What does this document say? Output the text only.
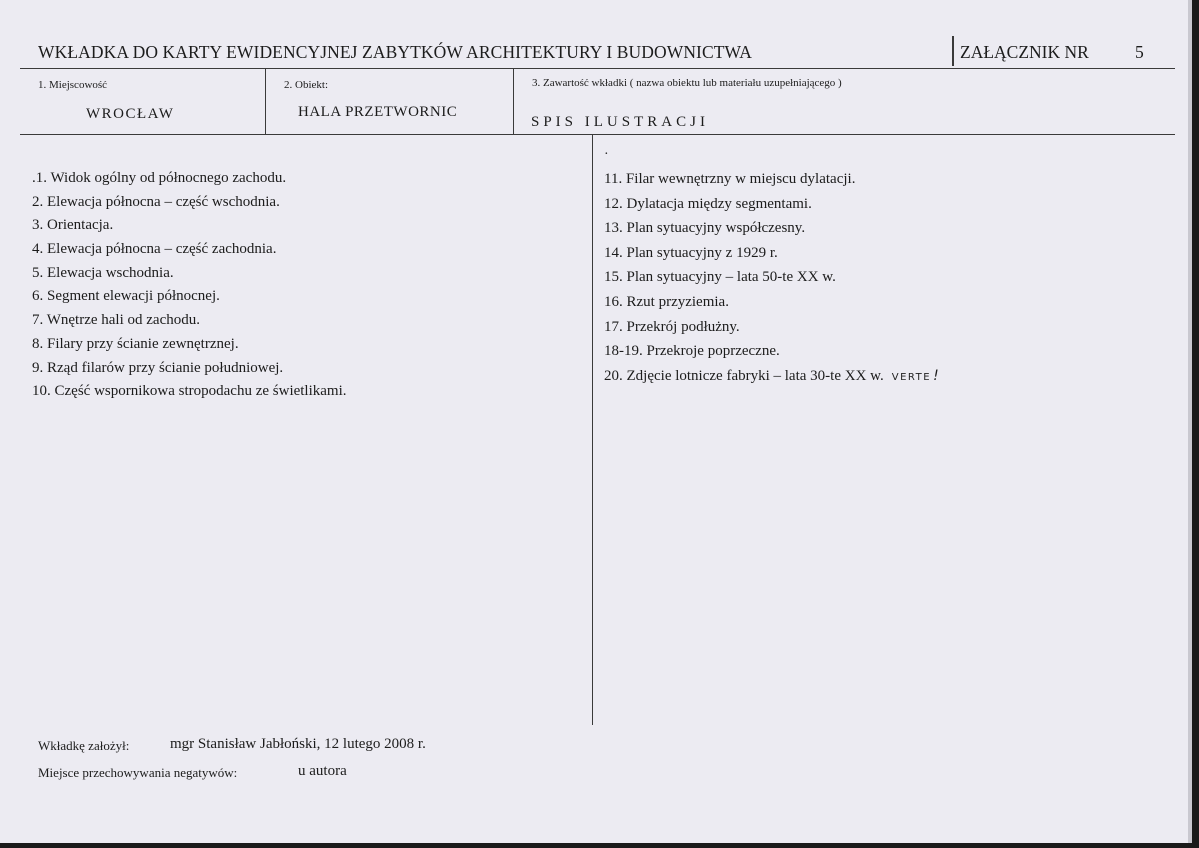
WKŁADKA DO KARTY EWIDENCYJNEJ ZABYTKÓW ARCHITEKTURY I BUDOWNICTWA	ZAŁĄCZNIK NR	5
1. Miejscowość
WROCŁAW
2. Obiekt:
HALA PRZETWORNIC
3. Zawartość wkładki ( nazwa obiektu lub materiału uzupełniającego )
SPIS ILUSTRACJI
·
.1. Widok ogólny od północnego zachodu.
2. Elewacja północna – część wschodnia.
3. Orientacja.
4. Elewacja północna – część zachodnia.
5. Elewacja wschodnia.
6. Segment elewacji północnej.
7. Wnętrze hali od zachodu.
8. Filary przy ścianie zewnętrznej.
9. Rząd filarów przy ścianie południowej.
10. Część wspornikowa stropodachu ze świetlikami.
11. Filar wewnętrzny w miejscu dylatacji.
12. Dylatacja między segmentami.
13. Plan sytuacyjny współczesny.
14. Plan sytuacyjny z 1929 r.
15. Plan sytuacyjny – lata 50-te XX w.
16. Rzut przyziemia.
17. Przekrój podłużny.
18-19. Przekroje poprzeczne.
20. Zdjęcie lotnicze fabryki – lata 30-te XX w. VERTE !
Wkładkę założył:	mgr Stanisław Jabłoński, 12 lutego 2008 r.
Miejsce przechowywania negatywów:	u autora
